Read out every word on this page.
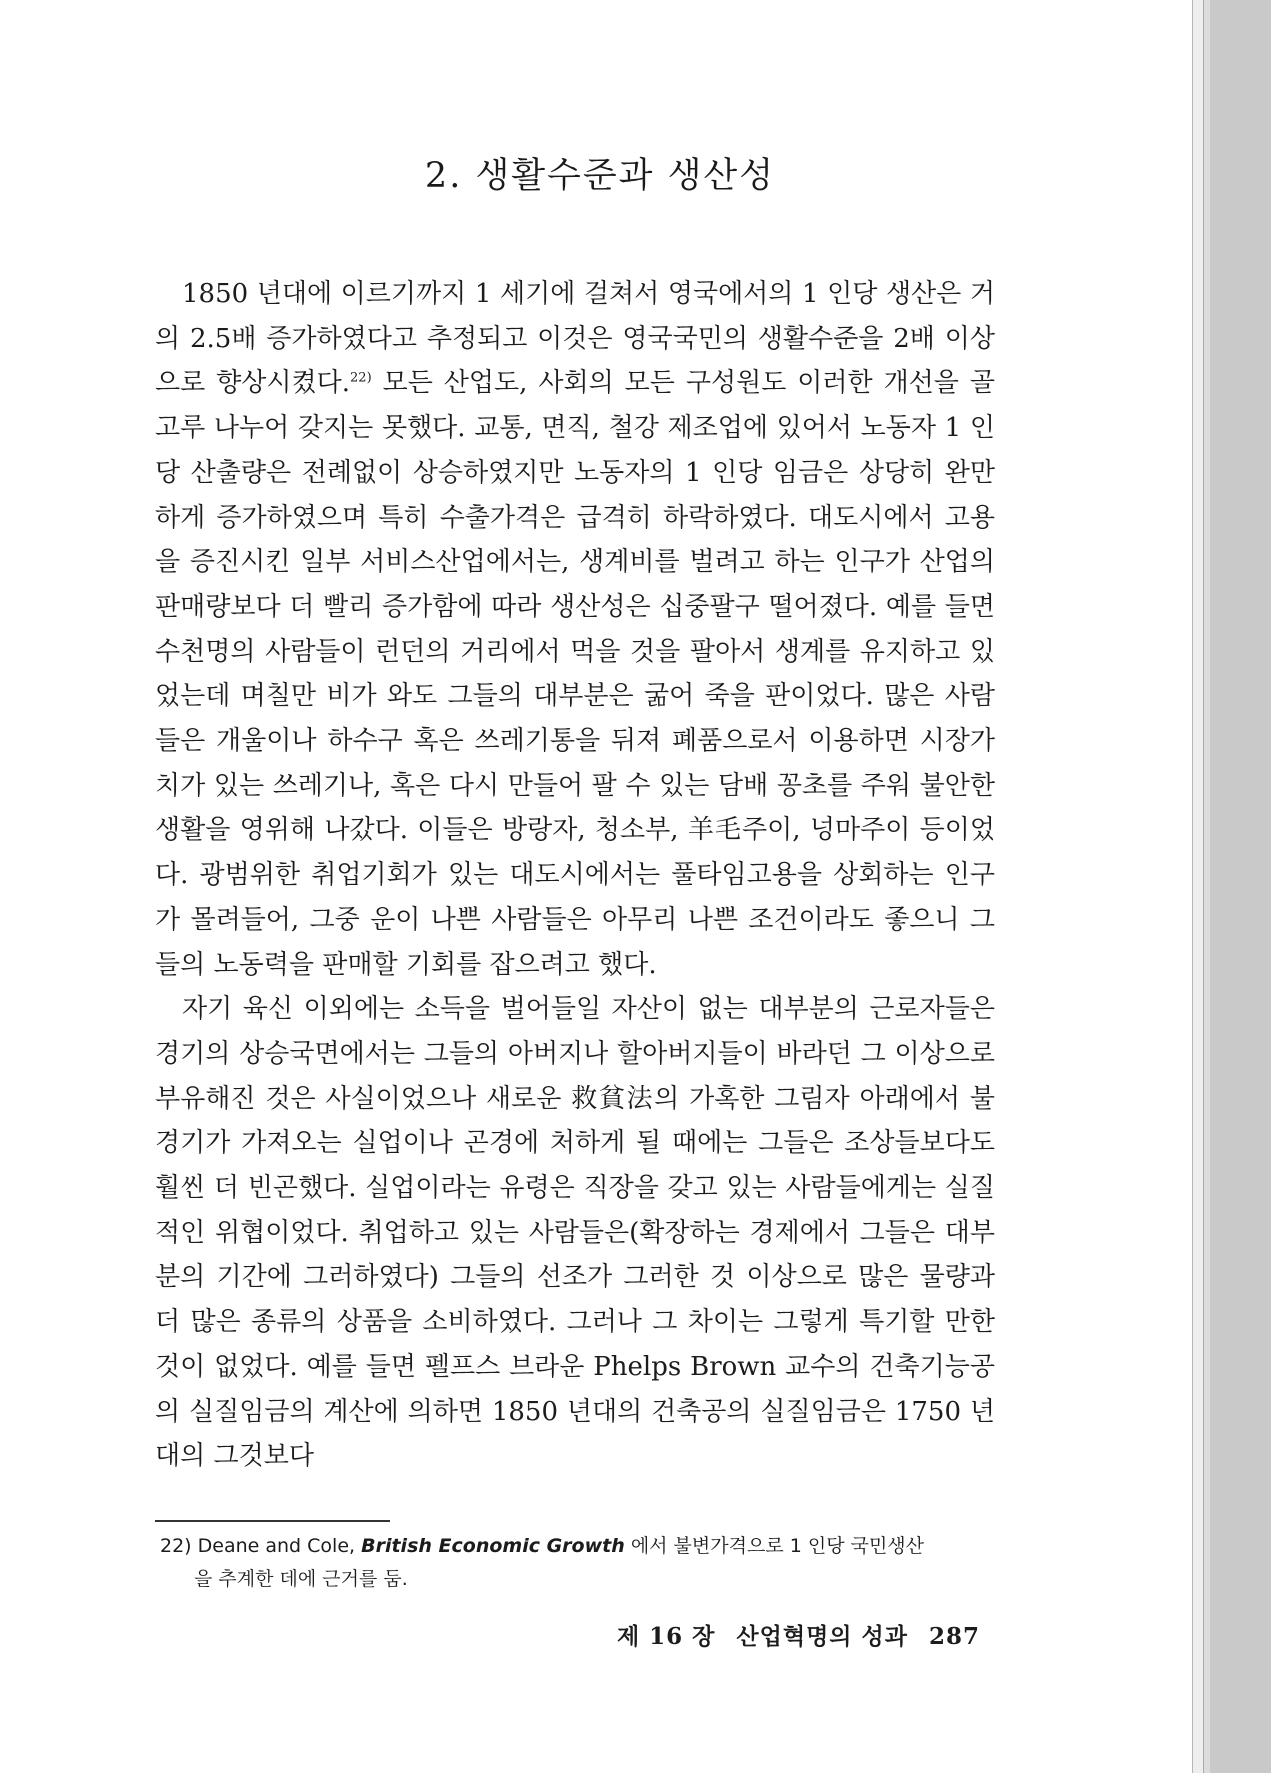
2. 생활수준과 생산성

1850 년대에 이르기까지 1 세기에 걸쳐서 영국에서의 1 인당 생산은 거의 2.5배 증가하였다고 추정되고 이것은 영국국민의 생활수준을 2배 이상으로 향상시켰다.$^{22)}$ 모든 산업도, 사회의 모든 구성원도 이러한 개선을 골고루 나누어 갖지는 못했다. 교통, 면직, 철강 제조업에 있어서 노동자 1 인당 산출량은 전례없이 상승하였지만 노동자의 1 인당 임금은 상당히 완만하게 증가하였으며 특히 수출가격은 급격히 하락하였다. 대도시에서 고용을 증진시킨 일부 서비스산업에서는, 생계비를 벌려고 하는 인구가 산업의 판매량보다 더 빨리 증가함에 따라 생산성은 십중팔구 떨어졌다. 예를 들면 수천명의 사람들이 런던의 거리에서 먹을 것을 팔아서 생계를 유지하고 있었는데 며칠만 비가 와도 그들의 대부분은 굶어 죽을 판이었다. 많은 사람들은 개울이나 하수구 혹은 쓰레기통을 뒤져 폐품으로서 이용하면 시장가치가 있는 쓰레기나, 혹은 다시 만들어 팔 수 있는 담배 꽁초를 주워 불안한 생활을 영위해 나갔다. 이들은 방랑자, 청소부, 羊毛주이, 넝마주이 등이었다. 광범위한 취업기회가 있는 대도시에서는 풀타임고용을 상회하는 인구가 몰려들어, 그중 운이 나쁜 사람들은 아무리 나쁜 조건이라도 좋으니 그들의 노동력을 판매할 기회를 잡으려고 했다.

자기 육신 이외에는 소득을 벌어들일 자산이 없는 대부분의 근로자들은 경기의 상승국면에서는 그들의 아버지나 할아버지들이 바라던 그 이상으로 부유해진 것은 사실이었으나 새로운 救貧法의 가혹한 그림자 아래에서 불경기가 가져오는 실업이나 곤경에 처하게 될 때에는 그들은 조상들보다도 훨씬 더 빈곤했다. 실업이라는 유령은 직장을 갖고 있는 사람들에게는 실질적인 위협이었다. 취업하고 있는 사람들은(확장하는 경제에서 그들은 대부분의 기간에 그러하였다) 그들의 선조가 그러한 것 이상으로 많은 물량과 더 많은 종류의 상품을 소비하였다. 그러나 그 차이는 그렇게 특기할 만한 것이 없었다. 예를 들면 펠프스 브라운 Phelps Brown 교수의 건축기능공의 실질임금의 계산에 의하면 1850 년대의 건축공의 실질임금은 1750 년대의 그것보다

22) Deane and Cole, British Economic Growth 에서 불변가격으로 1 인당 국민생산
을 추계한 데에 근거를 둠.
제 16 장 산업혁명의 성과 287
